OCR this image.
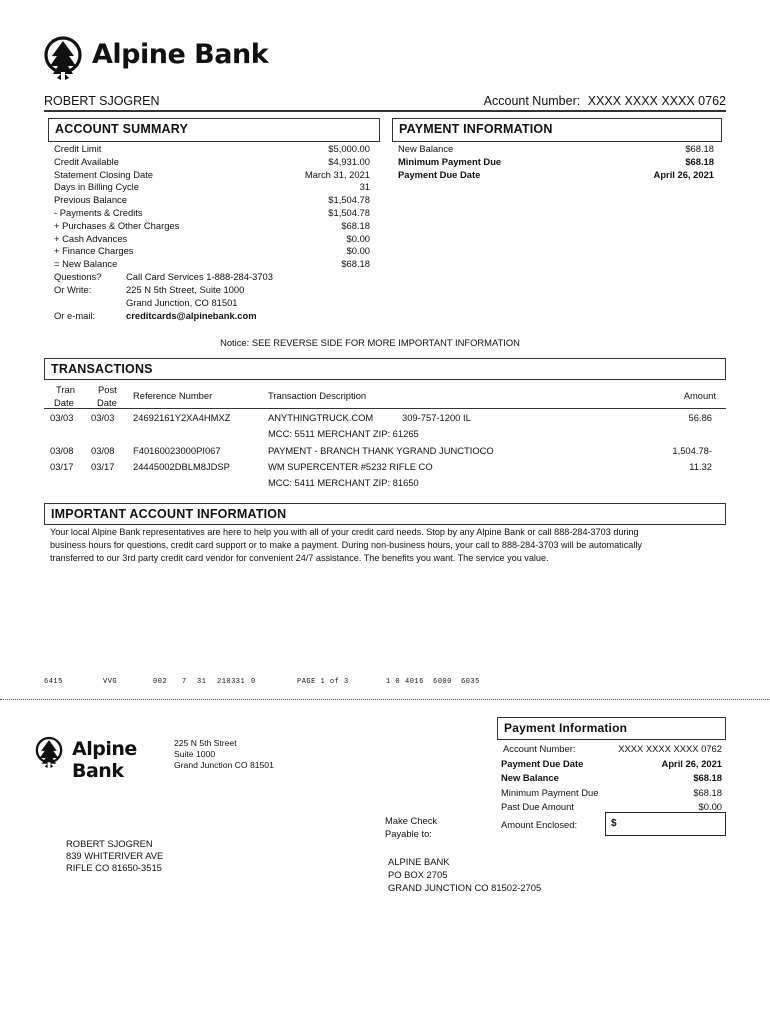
Alpine Bank
ROBERT SJOGREN	Account Number: XXXX XXXX XXXX 0762
ACCOUNT SUMMARY
Credit Limit	$5,000.00
Credit Available	$4,931.00
Statement Closing Date	March 31, 2021
Days in Billing Cycle	31
Previous Balance	$1,504.78
- Payments & Credits	$1,504.78
+ Purchases & Other Charges	$68.18
+ Cash Advances	$0.00
+ Finance Charges	$0.00
= New Balance	$68.18
Questions?	Call Card Services 1-888-284-3703
Or Write:	225 N 5th Street, Suite 1000
Grand Junction, CO 81501
Or e-mail:	creditcards@alpinebank.com
PAYMENT INFORMATION
New Balance	$68.18
Minimum Payment Due	$68.18
Payment Due Date	April 26, 2021
Notice: SEE REVERSE SIDE FOR MORE IMPORTANT INFORMATION
TRANSACTIONS
Tran
Date
Post
Date
Reference Number	Transaction Description	Amount
03/03 03/03 24692161Y2XA4HMXZ	ANYTHINGTRUCK.COM	309-757-1200 IL	56.86
MCC: 5511 MERCHANT ZIP: 61265
03/08 03/08 F40160023000PI067	PAYMENT - BRANCH THANK YGRAND JUNCTIOCO	1,504.78-
03/17 03/17 24445002DBLM8JDSP	WM SUPERCENTER #5232 RIFLE CO	11.32
MCC: 5411 MERCHANT ZIP: 81650
IMPORTANT ACCOUNT INFORMATION
Your local Alpine Bank representatives are here to help you with all of your credit card needs. Stop by any Alpine Bank or call 888-284-3703 during
business hours for questions, credit card support or to make a payment. During non-business hours, your call to 888-284-3703 will be automatically
transferred to our 3rd party credit card vendor for convenient 24/7 assistance. The benefits you want. The service you value.
6415	VVG	002 7 31 210331 0	PAGE 1 of 3	1 0 4016 6000 6035
Alpine Bank
225 N 5th Street
Suite 1000
Grand Junction CO 81501
ROBERT SJOGREN
839 WHITERIVER AVE
RIFLE CO 81650-3515
Make Check
Payable to:
ALPINE BANK
PO BOX 2705
GRAND JUNCTION CO 81502-2705
Payment Information
Account Number:	XXXX XXXX XXXX 0762
Payment Due Date	April 26, 2021
New Balance	$68.18
Minimum Payment Due	$68.18
Past Due Amount	$0.00
Amount Enclosed:	$
